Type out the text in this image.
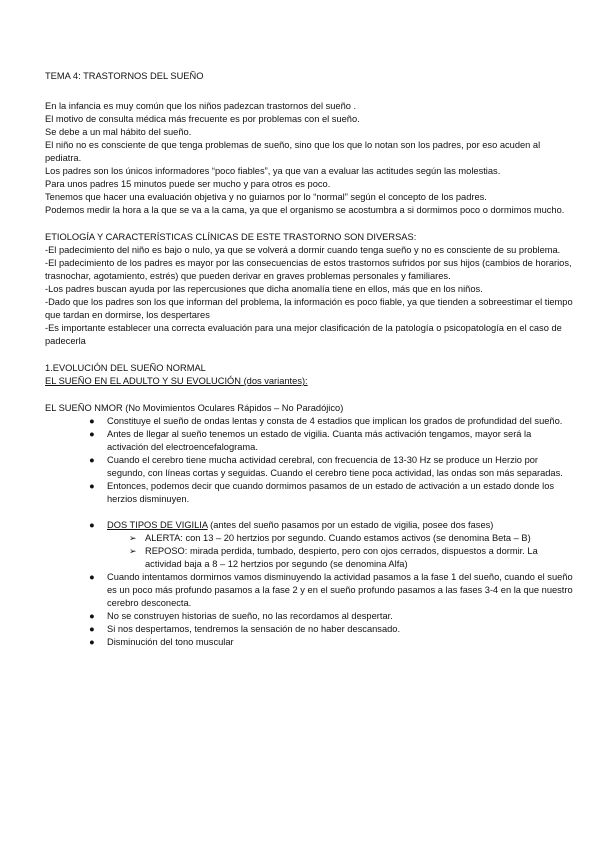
TEMA 4: TRASTORNOS DEL SUEÑO

En la infancia es muy común que los niños padezcan trastornos del sueño .

El motivo de consulta médica más frecuente es por problemas con el sueño.

Se debe a un mal hábito del sueño.

El niño no es consciente de que tenga problemas de sueño, sino que los que lo notan son los padres, por eso acuden al pediatra.

Los padres son los únicos informadores “poco fiables”, ya que van a evaluar las actitudes según las molestias.

Para unos padres 15 minutos puede ser mucho y para otros es poco.

Tenemos que hacer una evaluación objetiva y no guiarnos por lo “normal” según el concepto de los padres.

Podemos medir la hora a la que se va a la cama, ya que el organismo se acostumbra a si dormimos poco o dormimos mucho.

ETIOLOGÍA Y CARACTERÍSTICAS CLÍNICAS DE ESTE TRASTORNO SON DIVERSAS:

-El padecimiento del niño es bajo o nulo, ya que se volverá a dormir cuando tenga sueño y no es consciente de su problema.

-El padecimiento de los padres es mayor por las consecuencias de estos trastornos sufridos por sus hijos (cambios de horarios, trasnochar, agotamiento, estrés) que pueden derivar en graves problemas personales y familiares.

-Los padres buscan ayuda por las repercusiones que dicha anomalía tiene en ellos, más que en los niños.

-Dado que los padres son los que informan del problema, la información es poco fiable, ya que tienden a sobreestimar el tiempo que tardan en dormirse, los despertares

-Es importante establecer una correcta evaluación para una mejor clasificación de la patología o psicopatología en el caso de padecerla

1.EVOLUCIÓN DEL SUEÑO NORMAL

EL SUEÑO EN EL ADULTO Y SU EVOLUCIÓN (dos variantes):

EL SUEÑO NMOR (No Movimientos Oculares Rápidos – No Paradójico)

● Constituye el sueño de ondas lentas y consta de 4 estadios que implican los grados de profundidad del sueño.
● Antes de llegar al sueño tenemos un estado de vigilia. Cuanta más activación tengamos, mayor será la activación del electroencefalograma.
● Cuando el cerebro tiene mucha actividad cerebral, con frecuencia de 13-30 Hz se produce un Herzio por segundo, con líneas cortas y seguidas. Cuando el cerebro tiene poca actividad, las ondas son más separadas.
● Entonces, podemos decir que cuando dormimos pasamos de un estado de activación a un estado donde los herzios disminuyen.
● DOS TIPOS DE VIGILIA (antes del sueño pasamos por un estado de vigilia, posee dos fases)
➢ ALERTA: con 13 – 20 hertzios por segundo. Cuando estamos activos (se denomina Beta – B)
➢ REPOSO: mirada perdida, tumbado, despierto, pero con ojos cerrados, dispuestos a dormir. La actividad baja a 8 – 12 hertzios por segundo (se denomina Alfa)
● Cuando intentamos dormirnos vamos disminuyendo la actividad pasamos a la fase 1 del sueño, cuando el sueño es un poco más profundo pasamos a la fase 2 y en el sueño profundo pasamos a las fases 3-4 en la que nuestro cerebro desconecta.
● No se construyen historias de sueño, no las recordamos al despertar.
● Si nos despertamos, tendremos la sensación de no haber descansado.
● Disminución del tono muscular
